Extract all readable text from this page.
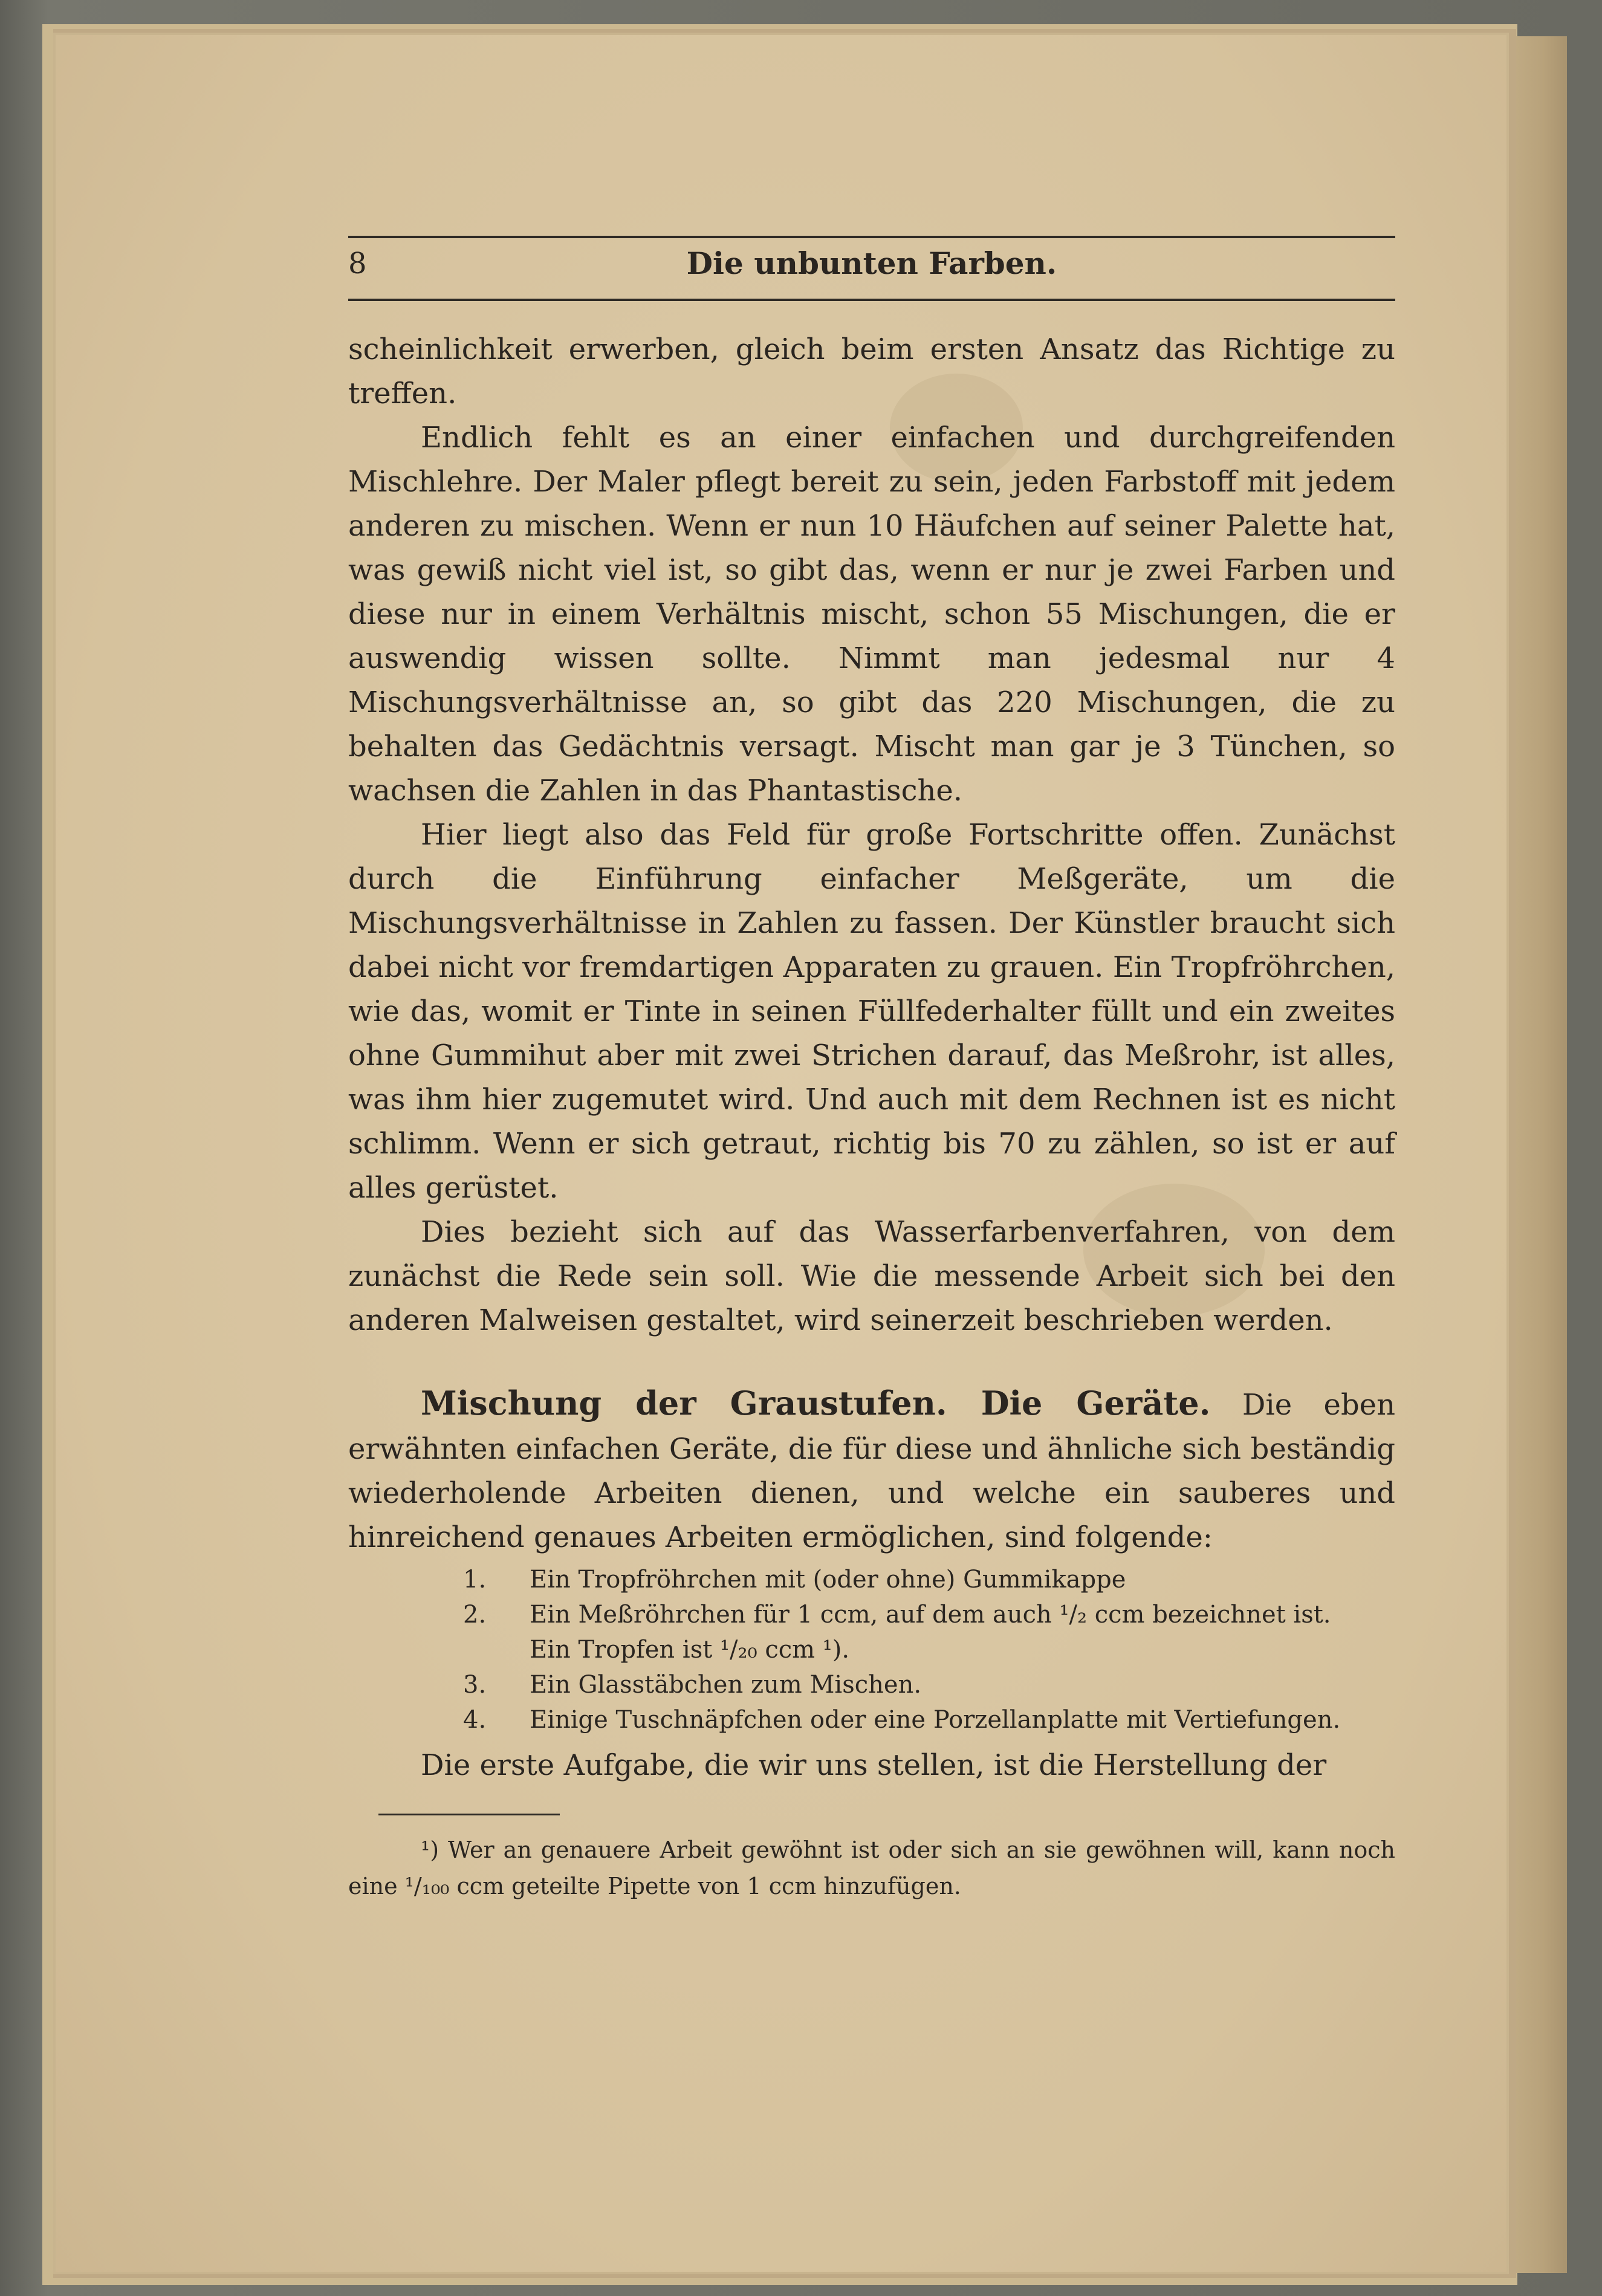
8	Die unbunten Farben.

scheinlichkeit erwerben, gleich beim ersten Ansatz das Richtige zu treffen.

Endlich fehlt es an einer einfachen und durchgreifenden Mischlehre. Der Maler pflegt bereit zu sein, jeden Farbstoff mit jedem anderen zu mischen. Wenn er nun 10 Häufchen auf seiner Palette hat, was gewiß nicht viel ist, so gibt das, wenn er nur je zwei Farben und diese nur in einem Verhältnis mischt, schon 55 Mischungen, die er auswendig wissen sollte. Nimmt man jedesmal nur 4 Mischungsverhältnisse an, so gibt das 220 Mischungen, die zu behalten das Gedächtnis versagt. Mischt man gar je 3 Tünchen, so wachsen die Zahlen in das Phantastische.

Hier liegt also das Feld für große Fortschritte offen. Zunächst durch die Einführung einfacher Meßgeräte, um die Mischungsverhältnisse in Zahlen zu fassen. Der Künstler braucht sich dabei nicht vor fremdartigen Apparaten zu grauen. Ein Tropfröhrchen, wie das, womit er Tinte in seinen Füllfederhalter füllt und ein zweites ohne Gummihut aber mit zwei Strichen darauf, das Meßrohr, ist alles, was ihm hier zugemutet wird. Und auch mit dem Rechnen ist es nicht schlimm. Wenn er sich getraut, richtig bis 70 zu zählen, so ist er auf alles gerüstet.

Dies bezieht sich auf das Wasserfarbenverfahren, von dem zunächst die Rede sein soll. Wie die messende Arbeit sich bei den anderen Malweisen gestaltet, wird seinerzeit beschrieben werden.

Mischung der Graustufen. Die Geräte. Die eben erwähnten einfachen Geräte, die für diese und ähnliche sich beständig wiederholende Arbeiten dienen, und welche ein sauberes und hinreichend genaues Arbeiten ermöglichen, sind folgende:

1.	Ein Tropfröhrchen mit (oder ohne) Gummikappe
2.	Ein Meßröhrchen für 1 ccm, auf dem auch ¹/₂ ccm bezeichnet ist.
Ein Tropfen ist ¹/₂₀ ccm ¹).
3.	Ein Glasstäbchen zum Mischen.
4.	Einige Tuschnäpfchen oder eine Porzellanplatte mit Vertiefungen.

Die erste Aufgabe, die wir uns stellen, ist die Herstellung der

¹) Wer an genauere Arbeit gewöhnt ist oder sich an sie gewöhnen will, kann noch eine ¹/₁₀₀ ccm geteilte Pipette von 1 ccm hinzufügen.
